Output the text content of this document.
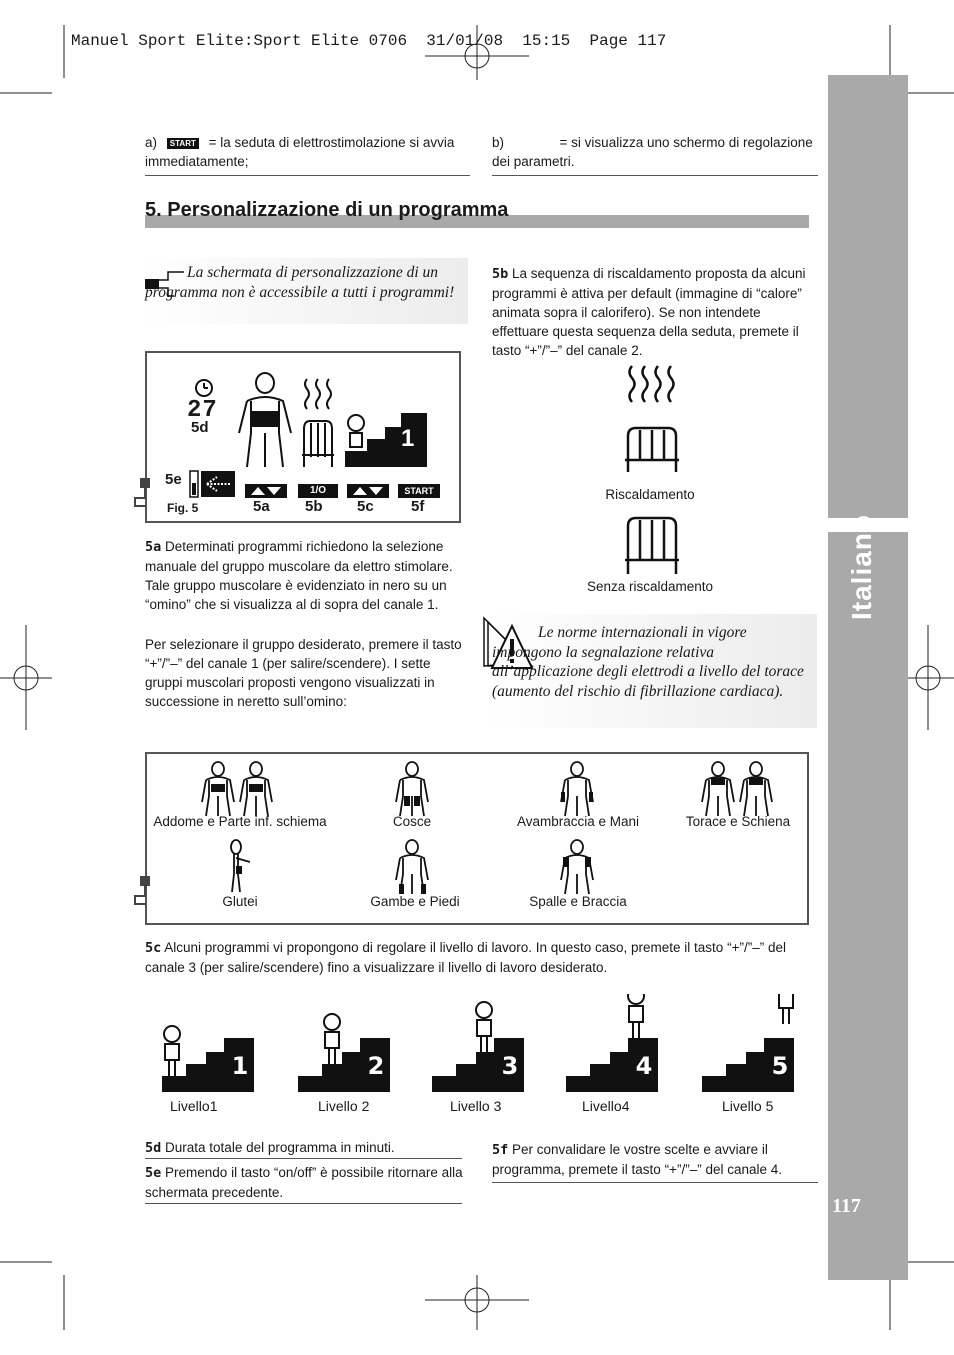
Manuel Sport Elite:Sport Elite 0706  31/01/08  15:15  Page 117
Italiano
117
a) START = la seduta di elettrostimolazione si avvia immediatamente;
b)	= si visualizza uno schermo di regolazione dei parametri.
5. Personalizzazione di un programma
La schermata di personalizzazione di un programma non è accessibile a tutti i programmi!
27
5d	1
5e
1/O	START
Fig. 5	5a 5b 5c 5f
5a Determinati programmi richiedono la selezione manuale del gruppo muscolare da elettro stimolare. Tale gruppo muscolare è evidenziato in nero su un “omino” che si visualizza al di sopra del canale 1.
Per selezionare il gruppo desiderato, premere il tasto “+”/”–” del canale 1 (per salire/scendere). I sette gruppi muscolari proposti vengono visualizzati in successione in neretto sull’omino:
5b La sequenza di riscaldamento proposta da alcuni programmi è attiva per default (immagine di “calore” animata sopra il calorifero). Se non intendete effettuare questa sequenza della seduta, premete il tasto “+”/”–” del canale 2.
Riscaldamento
Senza riscaldamento
Le norme internazionali in vigore impongono la segnalazione relativa all’applicazione degli elettrodi a livello del torace (aumento del rischio di fibrillazione cardiaca).
Addome e Parte inf. schiema	Cosce	Avambraccia e Mani	Torace e Schiena
Glutei	Gambe e Piedi	Spalle e Braccia
5c Alcuni programmi vi propongono di regolare il livello di lavoro. In questo caso, premete il tasto “+”/”–” del canale 3 (per salire/scendere) fino a visualizzare il livello di lavoro desiderato.
1	2	3	4	5
Livello1	Livello 2	Livello 3	Livello4	Livello 5
5d Durata totale del programma in minuti.
5e Premendo il tasto “on/off” è possibile ritornare alla schermata precedente.
5f Per convalidare le vostre scelte e avviare il programma, premete il tasto “+”/”–” del canale 4.
